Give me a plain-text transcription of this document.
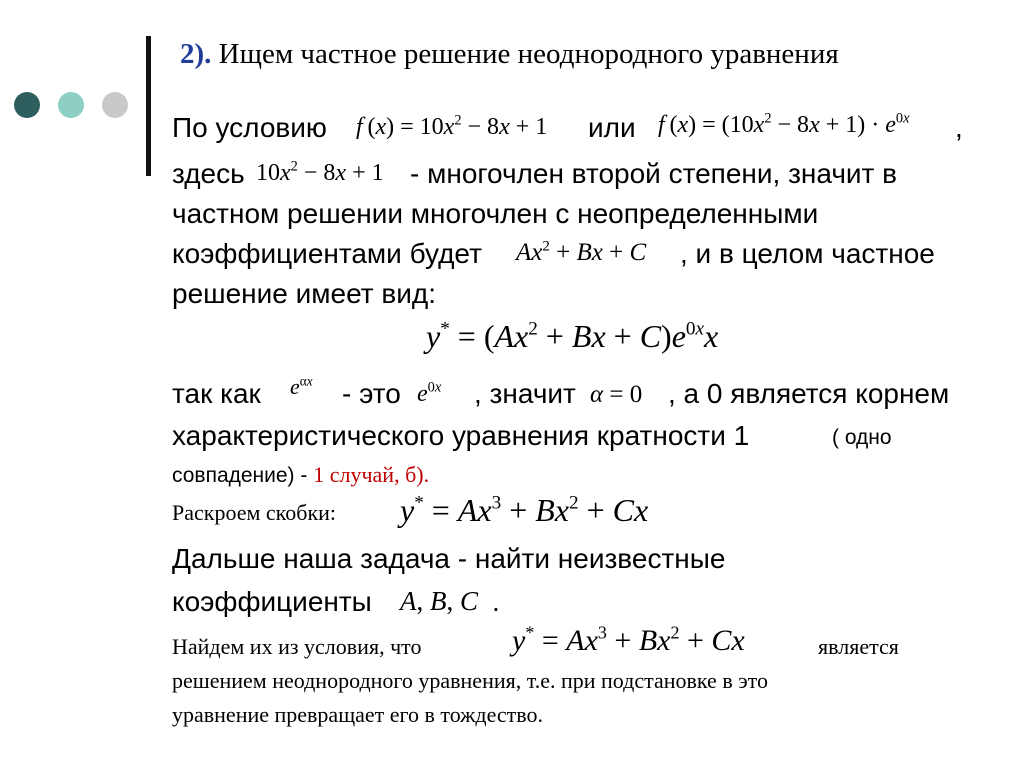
2). Ищем частное решение неоднородного уравнения
По условию f $(x) = 10x^2 - 8x + 1$ или f $(x) = (10x^2 - 8x + 1) \cdot e^{0x}$ ,
здесь $10x^2 - 8x + 1$ - многочлен второй степени, значит в
частном решении многочлен с неопределенными
коэффициентами будет $Ax^2 + Bx + C$ , и в целом частное
решение имеет вид:
$y^* = (Ax^2 + Bx + C)e^{0x}x$
так как $e^{\alpha x}$ - это $e^{0x}$ , значит α = 0 , а 0 является корнем
характеристического уравнения кратности 1	( одно
совпадение) - 1 случай, б).
Раскроем скобки: $y^* = Ax^3 + Bx^2 + Cx$
Дальше наша задача - найти неизвестные
коэффициенты A, B, C .
Найдем их из условия, что	$y^* = Ax^3 + Bx^2 + Cx$	является
решением неоднородного уравнения, т.е. при подстановке в это
уравнение превращает его в тождество.
